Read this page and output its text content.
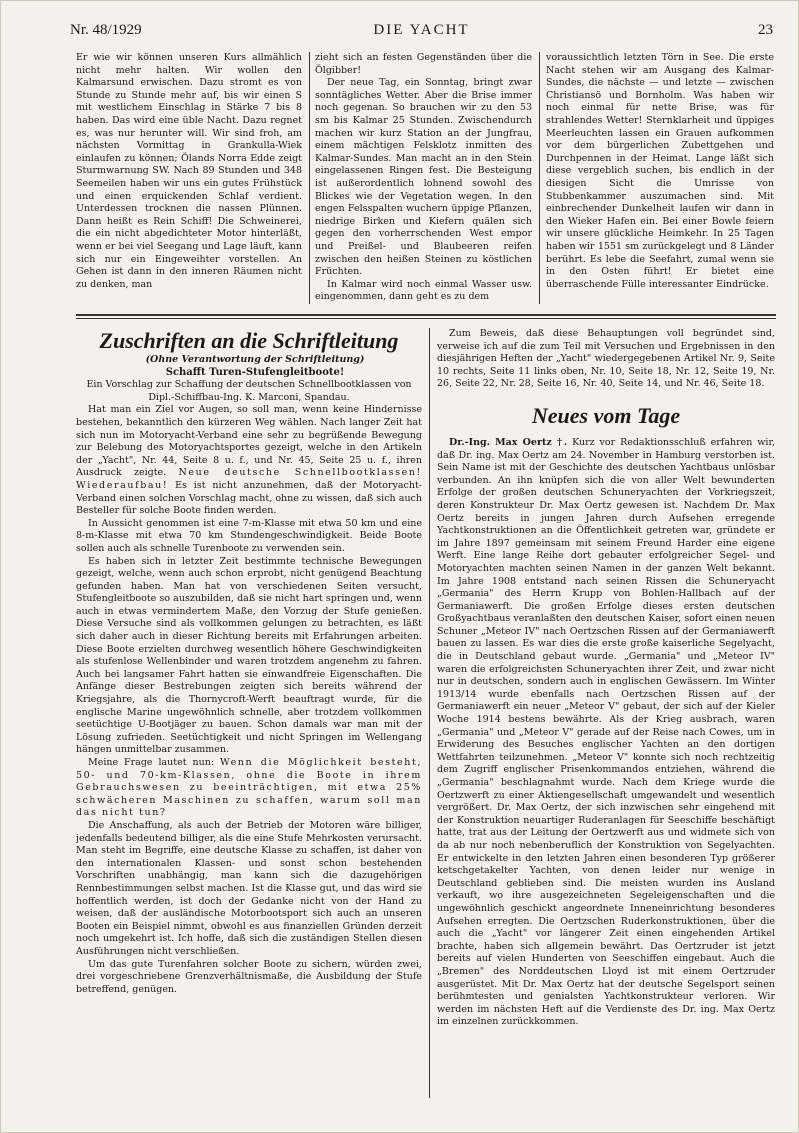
Nr. 48/1929	DIE YACHT	23

Er wie wir können unseren Kurs allmählich nicht mehr halten. Wir wollen den Kalmarsund erwischen. Dazu stromt es von Stunde zu Stunde mehr auf, bis wir einen S mit westlichem Einschlag in Stärke 7 bis 8 haben. Das wird eine üble Nacht. Dazu regnet es, was nur herunter will. Wir sind froh, am nächsten Vormittag in Grankulla-Wiek einlaufen zu können; Ölands Norra Edde zeigt Sturmwarnung SW. Nach 89 Stunden und 348 Seemeilen haben wir uns ein gutes Frühstück und einen erquickenden Schlaf verdient. Unterdessen trocknen die nassen Plünnen. Dann heißt es Rein Schiff! Die Schweinerei, die ein nicht abgedichteter Motor hinterläßt, wenn er bei viel Seegang und Lage läuft, kann sich nur ein Eingeweihter vorstellen. An Gehen ist dann in den inneren Räumen nicht zu denken, man

zieht sich an festen Gegenständen über die Ölgibber!

Der neue Tag, ein Sonntag, bringt zwar sonntägliches Wetter. Aber die Brise immer noch gegenan. So brauchen wir zu den 53 sm bis Kalmar 25 Stunden. Zwischendurch machen wir kurz Station an der Jungfrau, einem mächtigen Felsklotz inmitten des Kalmar-Sundes. Man macht an in den Stein eingelassenen Ringen fest. Die Besteigung ist außerordentlich lohnend sowohl des Blickes wie der Vegetation wegen. In den engen Felsspalten wuchern üppige Pflanzen, niedrige Birken und Kiefern quälen sich gegen den vorherrschenden West empor und Preißel- und Blaubeeren reifen zwischen den heißen Steinen zu köstlichen Früchten.

In Kalmar wird noch einmal Wasser usw. eingenommen, dann geht es zu dem

voraussichtlich letzten Törn in See. Die erste Nacht stehen wir am Ausgang des Kalmar-Sundes, die nächste — und letzte — zwischen Christiansö und Bornholm. Was haben wir noch einmal für nette Brise, was für strahlendes Wetter! Sternklarheit und üppiges Meerleuchten lassen ein Grauen aufkommen vor dem bürgerlichen Zubettgehen und Durchpennen in der Heimat. Lange läßt sich diese vergeblich suchen, bis endlich in der diesigen Sicht die Umrisse von Stubbenkammer auszumachen sind. Mit einbrechender Dunkelheit laufen wir dann in den Wieker Hafen ein. Bei einer Bowle feiern wir unsere glückliche Heimkehr. In 25 Tagen haben wir 1551 sm zurückgelegt und 8 Länder berührt. Es lebe die Seefahrt, zumal wenn sie in den Osten führt! Er bietet eine überraschende Fülle interessanter Eindrücke.

Zuschriften an die Schriftleitung

(Ohne Verantwortung der Schriftleitung)

Schafft Turen-Stufengleitboote!

Ein Vorschlag zur Schaffung der deutschen Schnellbootklassen von Dipl.-Schiffbau-Ing. K. Marconi, Spandau.

Hat man ein Ziel vor Augen, so soll man, wenn keine Hindernisse bestehen, bekanntlich den kürzeren Weg wählen. Nach langer Zeit hat sich nun im Motoryacht-Verband eine sehr zu begrüßende Bewegung zur Belebung des Motoryachtsportes gezeigt, welche in den Artikeln der „Yacht", Nr. 44, Seite 8 u. f., und Nr. 45, Seite 25 u. f., ihren Ausdruck zeigte. Neue deutsche Schnellbootklassen! Wiederaufbau! Es ist nicht anzunehmen, daß der Motoryacht-Verband einen solchen Vorschlag macht, ohne zu wissen, daß sich auch Besteller für solche Boote finden werden.

In Aussicht genommen ist eine 7-m-Klasse mit etwa 50 km und eine 8-m-Klasse mit etwa 70 km Stundengeschwindigkeit. Beide Boote sollen auch als schnelle Turenboote zu verwenden sein.

Es haben sich in letzter Zeit bestimmte technische Bewegungen gezeigt, welche, wenn auch schon erprobt, nicht genügend Beachtung gefunden haben. Man hat von verschiedenen Seiten versucht, Stufengleitboote so auszubilden, daß sie nicht hart springen und, wenn auch in etwas vermindertem Maße, den Vorzug der Stufe genießen. Diese Versuche sind als vollkommen gelungen zu betrachten, es läßt sich daher auch in dieser Richtung bereits mit Erfahrungen arbeiten. Diese Boote erzielten durchweg wesentlich höhere Geschwindigkeiten als stufenlose Wellenbinder und waren trotzdem angenehm zu fahren. Auch bei langsamer Fahrt hatten sie einwandfreie Eigenschaften. Die Anfänge dieser Bestrebungen zeigten sich bereits während der Kriegsjahre, als die Thornycroft-Werft beauftragt wurde, für die englische Marine ungewöhnlich schnelle, aber trotzdem vollkommen seetüchtige U-Bootjäger zu bauen. Schon damals war man mit der Lösung zufrieden. Seetüchtigkeit und nicht Springen im Wellengang hängen unmittelbar zusammen.

Meine Frage lautet nun: Wenn die Möglichkeit besteht, 50- und 70-km-Klassen, ohne die Boote in ihrem Gebrauchswesen zu beeinträchtigen, mit etwa 25% schwächeren Maschinen zu schaffen, warum soll man das nicht tun?

Die Anschaffung, als auch der Betrieb der Motoren wäre billiger, jedenfalls bedeutend billiger, als die eine Stufe Mehrkosten verursacht. Man steht im Begriffe, eine deutsche Klasse zu schaffen, ist daher von den internationalen Klassen- und sonst schon bestehenden Vorschriften unabhängig, man kann sich die dazugehörigen Rennbestimmungen selbst machen. Ist die Klasse gut, und das wird sie hoffentlich werden, ist doch der Gedanke nicht von der Hand zu weisen, daß der ausländische Motorbootsport sich auch an unseren Booten ein Beispiel nimmt, obwohl es aus finanziellen Gründen derzeit noch umgekehrt ist. Ich hoffe, daß sich die zuständigen Stellen diesen Ausführungen nicht verschließen.

Um das gute Turenfahren solcher Boote zu sichern, würden zwei, drei vorgeschriebene Grenzverhältnismaße, die Ausbildung der Stufe betreffend, genügen.

Zum Beweis, daß diese Behauptungen voll begründet sind, verweise ich auf die zum Teil mit Versuchen und Ergebnissen in den diesjährigen Heften der „Yacht" wiedergegebenen Artikel Nr. 9, Seite 10 rechts, Seite 11 links oben, Nr. 10, Seite 18, Nr. 12, Seite 19, Nr. 26, Seite 22, Nr. 28, Seite 16, Nr. 40, Seite 14, und Nr. 46, Seite 18.

Neues vom Tage

Dr.-Ing. Max Oertz †. Kurz vor Redaktionsschluß erfahren wir, daß Dr. ing. Max Oertz am 24. November in Hamburg verstorben ist. Sein Name ist mit der Geschichte des deutschen Yachtbaus unlösbar verbunden. An ihn knüpfen sich die von aller Welt bewunderten Erfolge der großen deutschen Schuneryachten der Vorkriegszeit, deren Konstrukteur Dr. Max Oertz gewesen ist. Nachdem Dr. Max Oertz bereits in jungen Jahren durch Aufsehen erregende Yachtkonstruktionen an die Öffentlichkeit getreten war, gründete er im Jahre 1897 gemeinsam mit seinem Freund Harder eine eigene Werft. Eine lange Reihe dort gebauter erfolgreicher Segel- und Motoryachten machten seinen Namen in der ganzen Welt bekannt. Im Jahre 1908 entstand nach seinen Rissen die Schuneryacht „Germania" des Herrn Krupp von Bohlen-Hallbach auf der Germaniawerft. Die großen Erfolge dieses ersten deutschen Großyachtbaus veranlaßten den deutschen Kaiser, sofort einen neuen Schuner „Meteor IV" nach Oertzschen Rissen auf der Germaniawerft bauen zu lassen. Es war dies die erste große kaiserliche Segelyacht, die in Deutschland gebaut wurde. „Germania" und „Meteor IV" waren die erfolgreichsten Schuneryachten ihrer Zeit, und zwar nicht nur in deutschen, sondern auch in englischen Gewässern. Im Winter 1913/14 wurde ebenfalls nach Oertzschen Rissen auf der Germaniawerft ein neuer „Meteor V" gebaut, der sich auf der Kieler Woche 1914 bestens bewährte. Als der Krieg ausbrach, waren „Germania" und „Meteor V" gerade auf der Reise nach Cowes, um in Erwiderung des Besuches englischer Yachten an den dortigen Wettfahrten teilzunehmen. „Meteor V" konnte sich noch rechtzeitig dem Zugriff englischer Prisenkommandos entziehen, während die „Germania" beschlagnahmt wurde. Nach dem Kriege wurde die Oertzwerft zu einer Aktiengesellschaft umgewandelt und wesentlich vergrößert. Dr. Max Oertz, der sich inzwischen sehr eingehend mit der Konstruktion neuartiger Ruderanlagen für Seeschiffe beschäftigt hatte, trat aus der Leitung der Oertzwerft aus und widmete sich von da ab nur noch nebenberuflich der Konstruktion von Segelyachten. Er entwickelte in den letzten Jahren einen besonderen Typ größerer ketschgetakelter Yachten, von denen leider nur wenige in Deutschland geblieben sind. Die meisten wurden ins Ausland verkauft, wo ihre ausgezeichneten Segeleigenschaften und die ungewöhnlich geschickt angeordnete Inneneinrichtung besonderes Aufsehen erregten. Die Oertzschen Ruderkonstruktionen, über die auch die „Yacht" vor längerer Zeit einen eingehenden Artikel brachte, haben sich allgemein bewährt. Das Oertzruder ist jetzt bereits auf vielen Hunderten von Seeschiffen eingebaut. Auch die „Bremen" des Norddeutschen Lloyd ist mit einem Oertzruder ausgerüstet. Mit Dr. Max Oertz hat der deutsche Segelsport seinen berühmtesten und genialsten Yachtkonstrukteur verloren. Wir werden im nächsten Heft auf die Verdienste des Dr. ing. Max Oertz im einzelnen zurückkommen.
